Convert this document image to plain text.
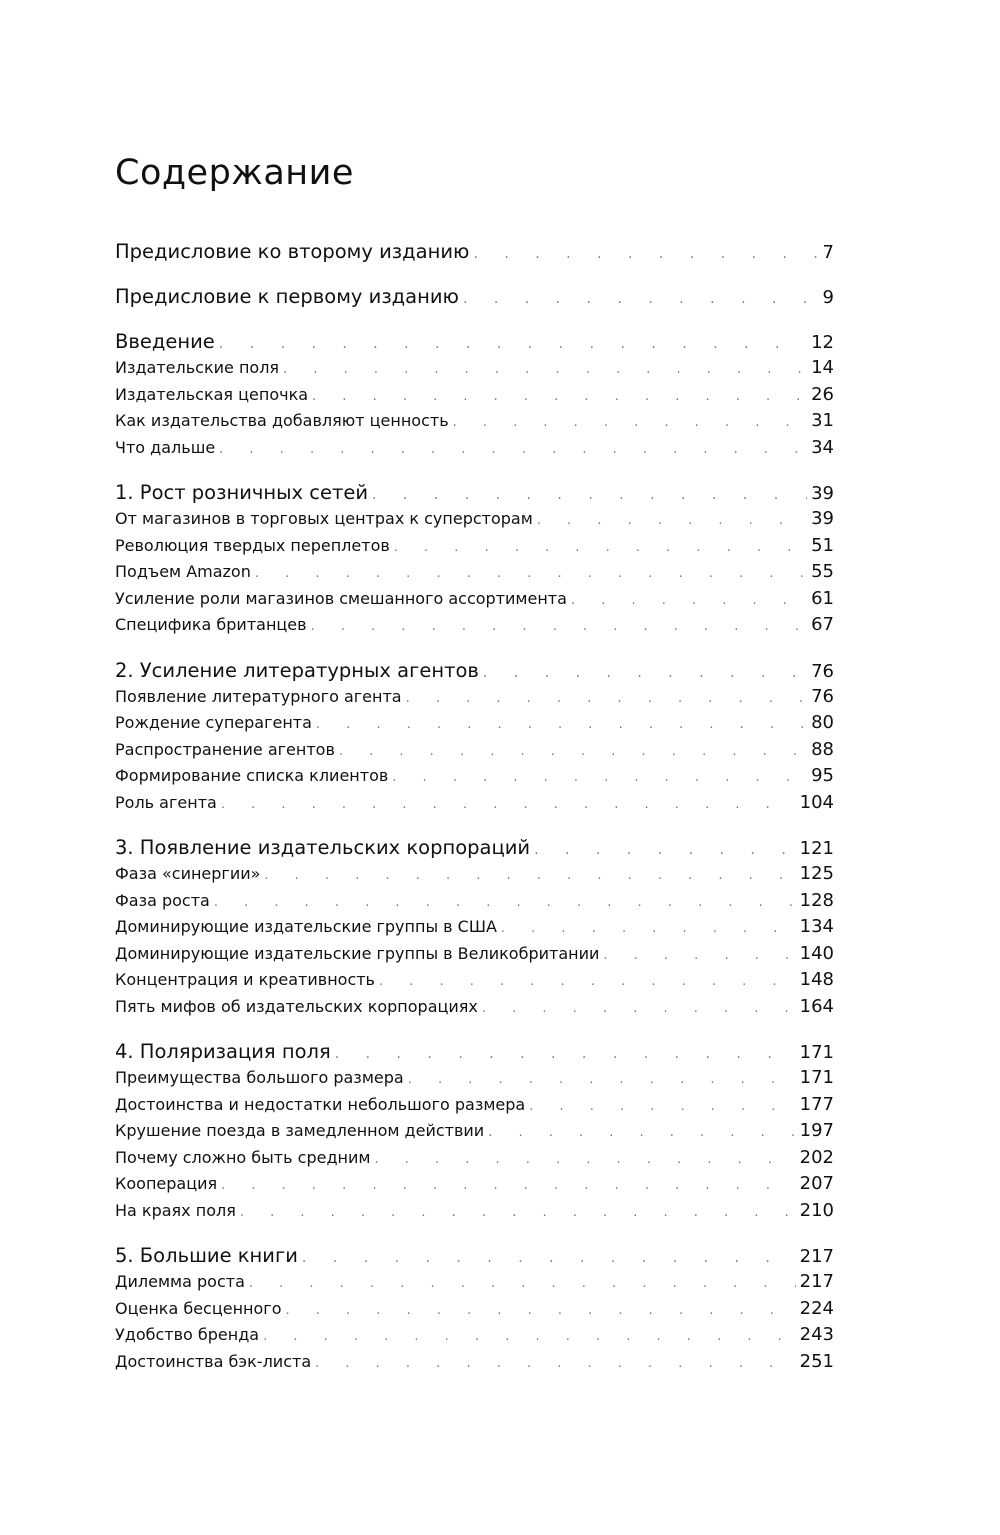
Содержание
Предисловие ко второму изданию . . .	7
Предисловие к первому изданию . . .	9
Введение . . .	12
Издательские поля . . .	14
Издательская цепочка . . .	26
Как издательства добавляют ценность . . .	31
Что дальше . . .	34
1. Рост розничных сетей . . .	39
От магазинов в торговых центрах к суперсторам . . .	39
Революция твердых переплетов . . .	51
Подъем Amazon . . .	55
Усиление роли магазинов смешанного ассортимента . . .	61
Специфика британцев . . .	67
2. Усиление литературных агентов . . .	76
Появление литературного агента . . .	76
Рождение суперагента . . .	80
Распространение агентов . . .	88
Формирование списка клиентов . . .	95
Роль агента . . .	104
3. Появление издательских корпораций . . .	121
Фаза «синергии» . . .	125
Фаза роста . . .	128
Доминирующие издательские группы в США . . .	134
Доминирующие издательские группы в Великобритании . . .	140
Концентрация и креативность . . .	148
Пять мифов об издательских корпорациях . . .	164
4. Поляризация поля . . .	171
Преимущества большого размера . . .	171
Достоинства и недостатки небольшого размера . . .	177
Крушение поезда в замедленном действии . . .	197
Почему сложно быть средним . . .	202
Кооперация . . .	207
На краях поля . . .	210
5. Большие книги . . .	217
Дилемма роста . . .	217
Оценка бесценного . . .	224
Удобство бренда . . .	243
Достоинства бэк-листа . . .	251
